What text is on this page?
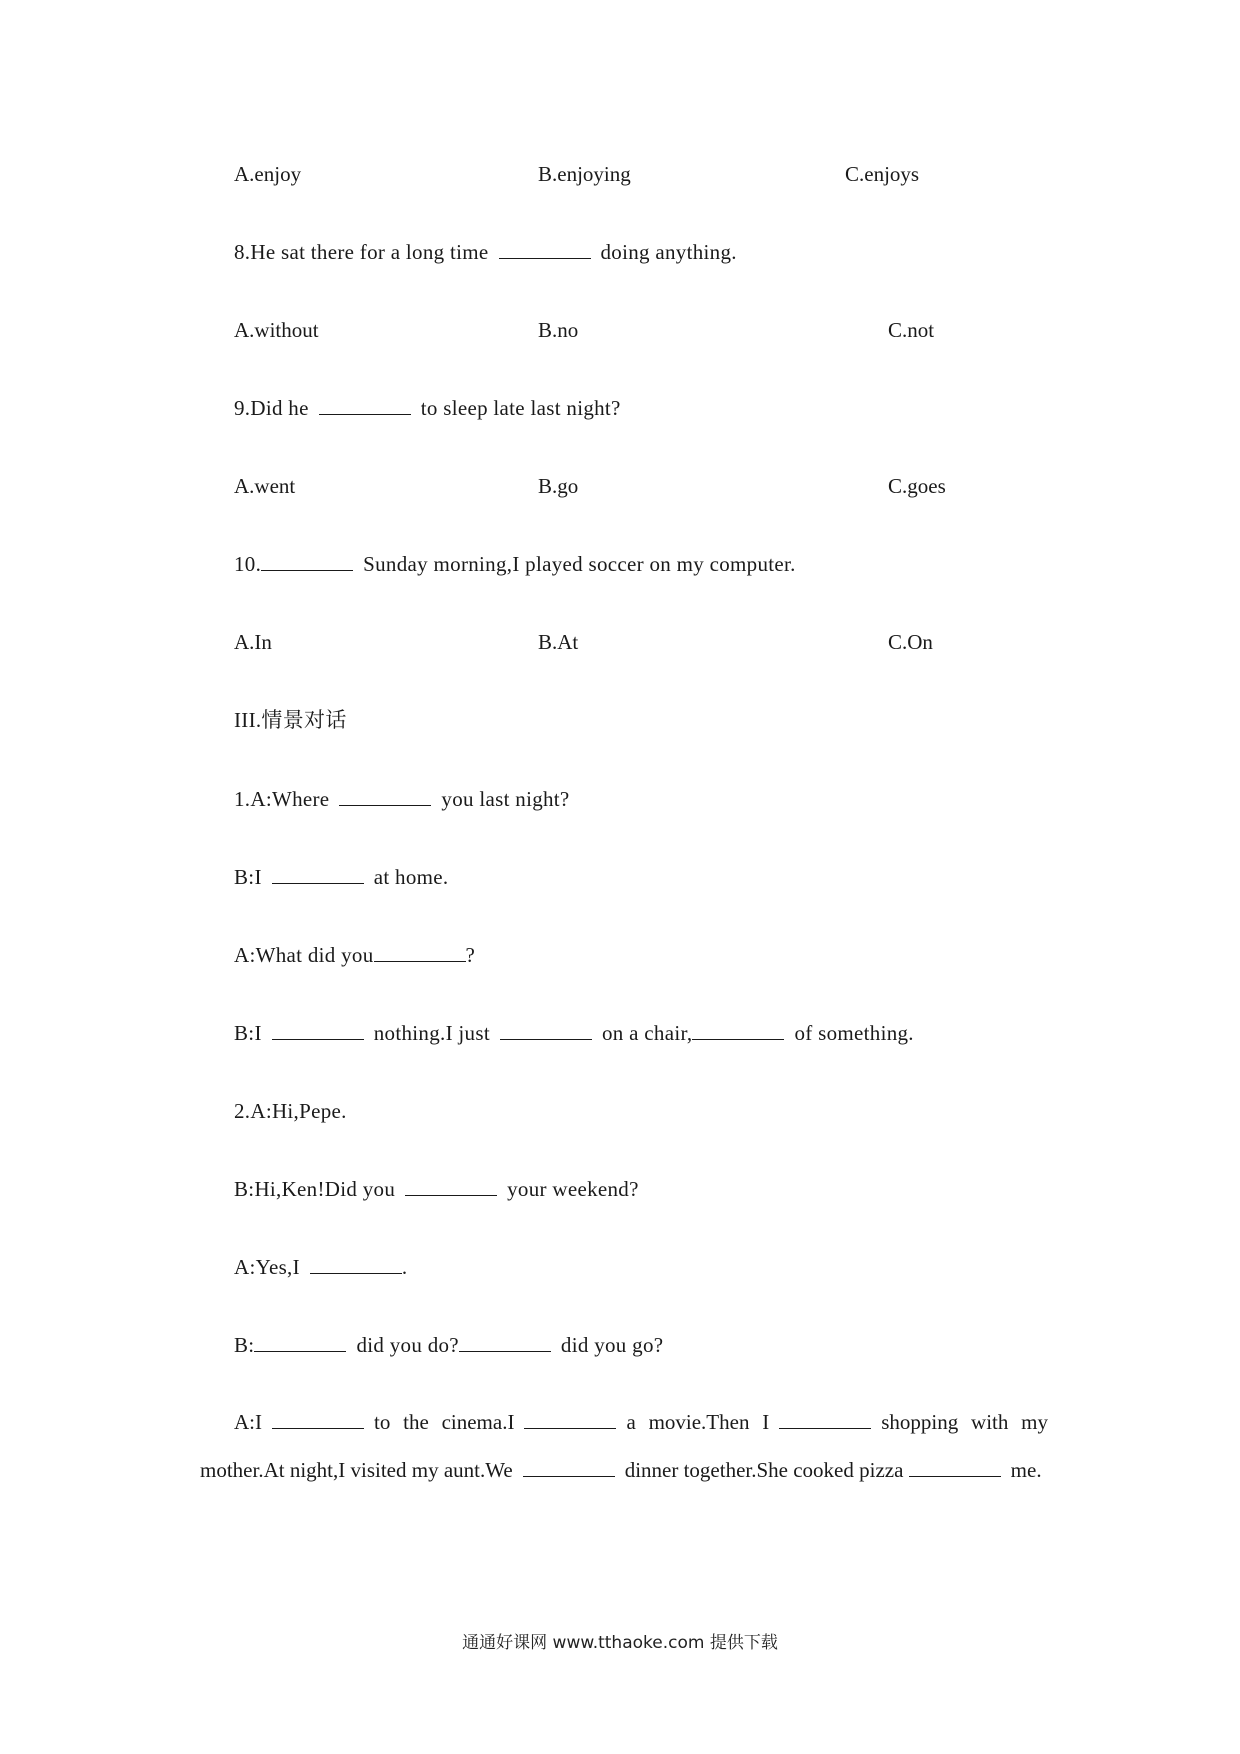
A.enjoy	B.enjoying	C.enjoys
8.He sat there for a long time	doing anything.
A.without	B.no	C.not
9.Did he	to sleep late last night?
A.went	B.go	C.goes
10.	Sunday morning,I played soccer on my computer.
A.In	B.At	C.On
III.情景对话
1.A:Where	you last night?
B:I	at home.
A:What did you	?
B:I	nothing.I just	on a chair,	of something.
2.A:Hi,Pepe.
B:Hi,Ken!Did you	your weekend?
A:Yes,I	.
B:	did you do?	did you go?
A:I	to the cinema.I	a movie.Then I	shopping with my mother.At night,I visited my aunt.We	dinner together.She cooked pizza	me.
通通好课网 www.tthaoke.com 提供下载
